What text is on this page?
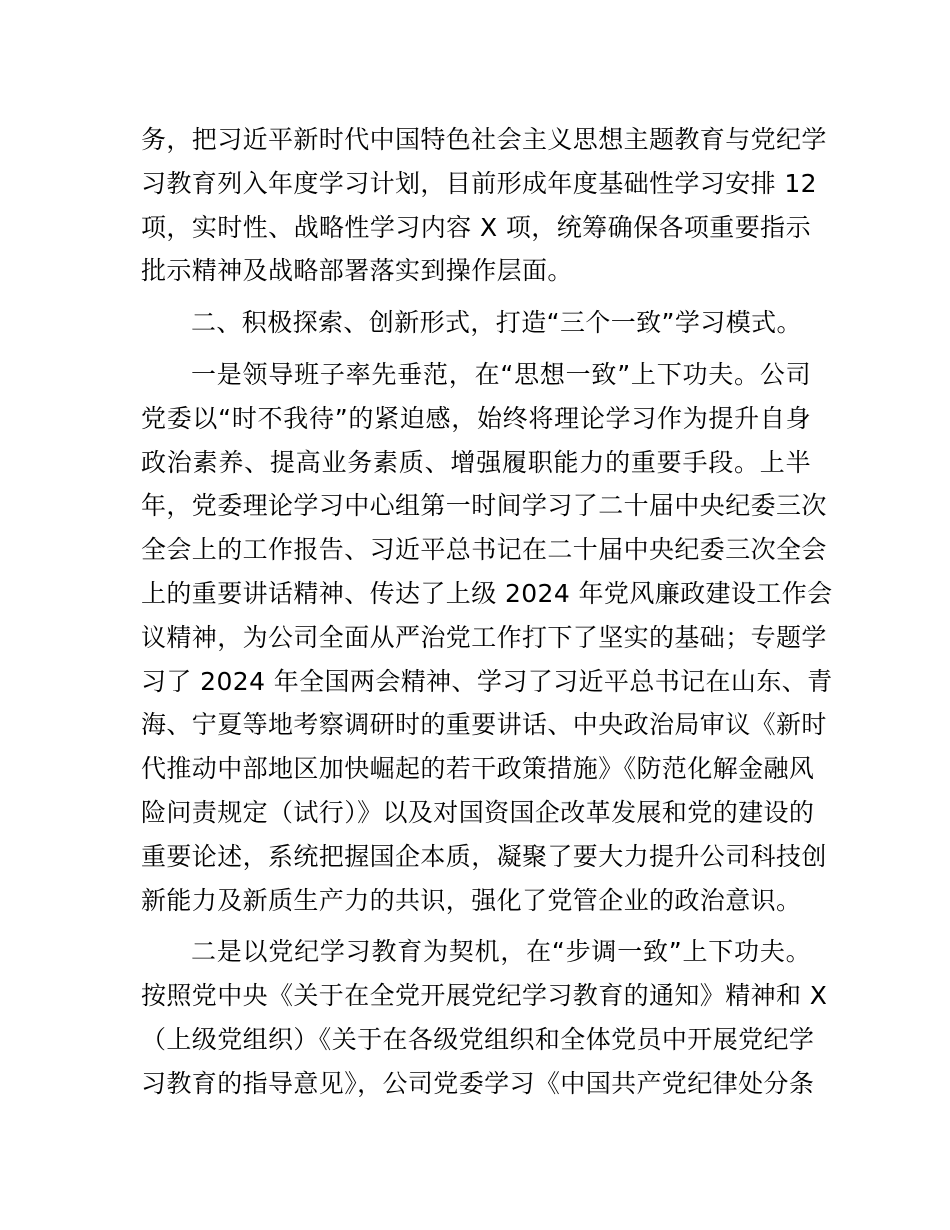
务，把习近平新时代中国特色社会主义思想主题教育与党纪学
习教育列入年度学习计划，目前形成年度基础性学习安排 12
项，实时性、战略性学习内容 X 项，统筹确保各项重要指示
批示精神及战略部署落实到操作层面。
二、积极探索、创新形式，打造“三个一致”学习模式。
一是领导班子率先垂范，在“思想一致”上下功夫。公司
党委以“时不我待”的紧迫感，始终将理论学习作为提升自身
政治素养、提高业务素质、增强履职能力的重要手段。上半
年，党委理论学习中心组第一时间学习了二十届中央纪委三次
全会上的工作报告、习近平总书记在二十届中央纪委三次全会
上的重要讲话精神、传达了上级 2024 年党风廉政建设工作会
议精神，为公司全面从严治党工作打下了坚实的基础；专题学
习了 2024 年全国两会精神、学习了习近平总书记在山东、青
海、宁夏等地考察调研时的重要讲话、中央政治局审议《新时
代推动中部地区加快崛起的若干政策措施》《防范化解金融风
险问责规定（试行）》以及对国资国企改革发展和党的建设的
重要论述，系统把握国企本质，凝聚了要大力提升公司科技创
新能力及新质生产力的共识，强化了党管企业的政治意识。
二是以党纪学习教育为契机，在“步调一致”上下功夫。
按照党中央《关于在全党开展党纪学习教育的通知》精神和 X
（上级党组织）《关于在各级党组织和全体党员中开展党纪学
习教育的指导意见》，公司党委学习《中国共产党纪律处分条
